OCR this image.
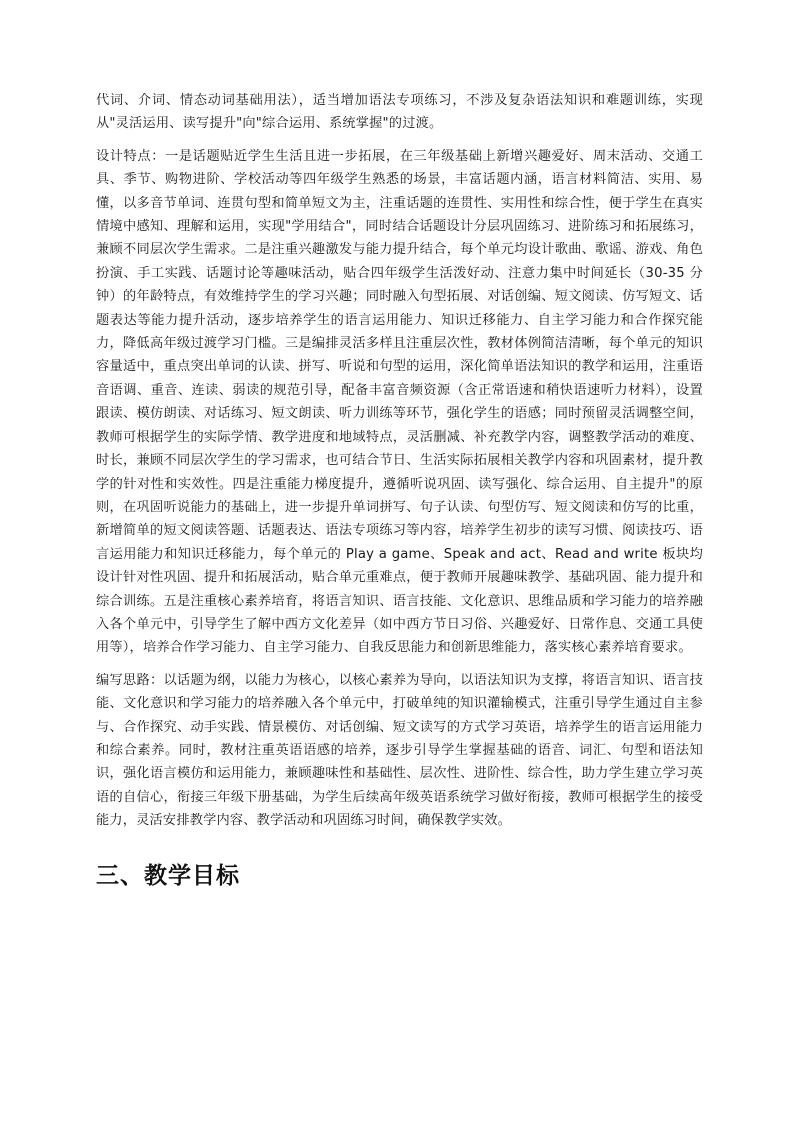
代词、介词、情态动词基础用法），适当增加语法专项练习，不涉及复杂语法知识和难题训练，实现从"灵活运用、读写提升"向"综合运用、系统掌握"的过渡。

设计特点：一是话题贴近学生生活且进一步拓展，在三年级基础上新增兴趣爱好、周末活动、交通工具、季节、购物进阶、学校活动等四年级学生熟悉的场景，丰富话题内涵，语言材料简洁、实用、易懂，以多音节单词、连贯句型和简单短文为主，注重话题的连贯性、实用性和综合性，便于学生在真实情境中感知、理解和运用，实现"学用结合"，同时结合话题设计分层巩固练习、进阶练习和拓展练习，兼顾不同层次学生需求。二是注重兴趣激发与能力提升结合，每个单元均设计歌曲、歌谣、游戏、角色扮演、手工实践、话题讨论等趣味活动，贴合四年级学生活泼好动、注意力集中时间延长（30-35 分钟）的年龄特点，有效维持学生的学习兴趣；同时融入句型拓展、对话创编、短文阅读、仿写短文、话题表达等能力提升活动，逐步培养学生的语言运用能力、知识迁移能力、自主学习能力和合作探究能力，降低高年级过渡学习门槛。三是编排灵活多样且注重层次性，教材体例简洁清晰，每个单元的知识容量适中，重点突出单词的认读、拼写、听说和句型的运用，深化简单语法知识的教学和运用，注重语音语调、重音、连读、弱读的规范引导，配备丰富音频资源（含正常语速和稍快语速听力材料），设置跟读、模仿朗读、对话练习、短文朗读、听力训练等环节，强化学生的语感；同时预留灵活调整空间，教师可根据学生的实际学情、教学进度和地域特点，灵活删减、补充教学内容，调整教学活动的难度、时长，兼顾不同层次学生的学习需求，也可结合节日、生活实际拓展相关教学内容和巩固素材，提升教学的针对性和实效性。四是注重能力梯度提升，遵循听说巩固、读写强化、综合运用、自主提升"的原则，在巩固听说能力的基础上，进一步提升单词拼写、句子认读、句型仿写、短文阅读和仿写的比重，新增简单的短文阅读答题、话题表达、语法专项练习等内容，培养学生初步的读写习惯、阅读技巧、语言运用能力和知识迁移能力，每个单元的 Play a game、Speak and act、Read and write 板块均设计针对性巩固、提升和拓展活动，贴合单元重难点，便于教师开展趣味教学、基础巩固、能力提升和综合训练。五是注重核心素养培育，将语言知识、语言技能、文化意识、思维品质和学习能力的培养融入各个单元中，引导学生了解中西方文化差异（如中西方节日习俗、兴趣爱好、日常作息、交通工具使用等），培养合作学习能力、自主学习能力、自我反思能力和创新思维能力，落实核心素养培育要求。

编写思路：以话题为纲，以能力为核心，以核心素养为导向，以语法知识为支撑，将语言知识、语言技能、文化意识和学习能力的培养融入各个单元中，打破单纯的知识灌输模式，注重引导学生通过自主参与、合作探究、动手实践、情景模仿、对话创编、短文读写的方式学习英语，培养学生的语言运用能力和综合素养。同时，教材注重英语语感的培养，逐步引导学生掌握基础的语音、词汇、句型和语法知识，强化语言模仿和运用能力，兼顾趣味性和基础性、层次性、进阶性、综合性，助力学生建立学习英语的自信心，衔接三年级下册基础，为学生后续高年级英语系统学习做好衔接，教师可根据学生的接受能力，灵活安排教学内容、教学活动和巩固练习时间，确保教学实效。

三、教学目标
